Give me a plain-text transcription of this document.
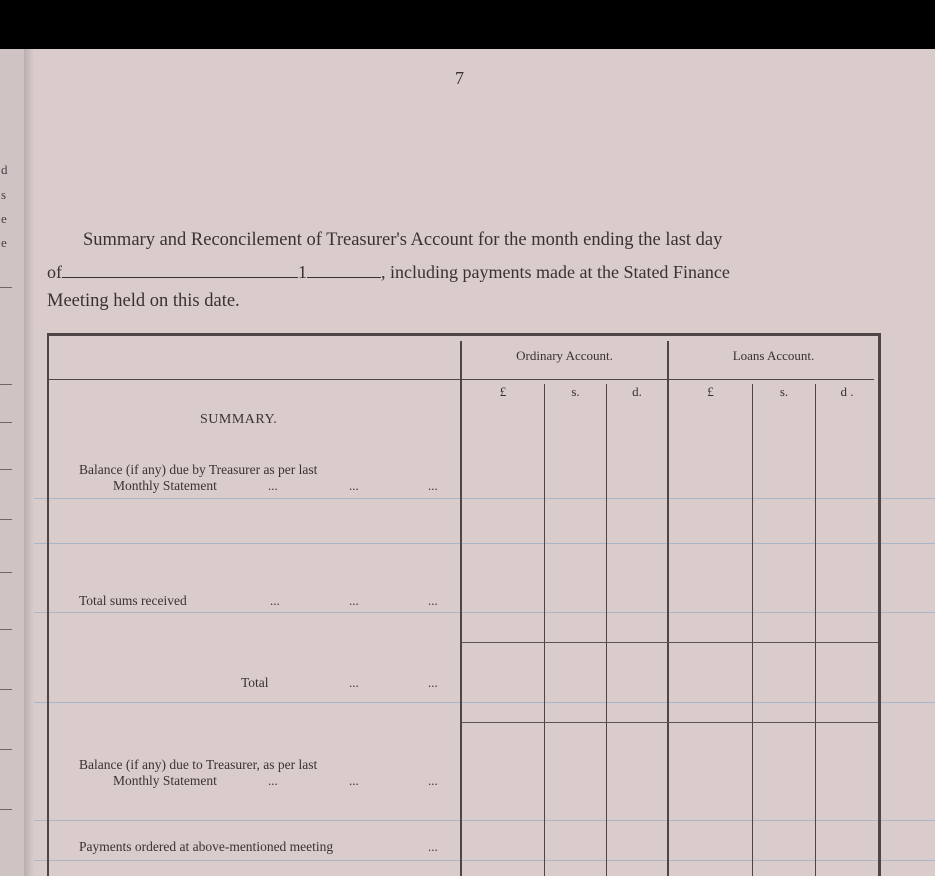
d
s
e
e
7
Summary and Reconcilement of Treasurer's Account for the month ending the last day
of	1	, including payments made at the Stated Finance
Meeting held on this date.
Ordinary Account.	Loans Account.
£	s.	d.	£	s.	d .
SUMMARY.
Balance (if any) due by Treasurer as per last
Monthly Statement	...	...	...
Total sums received	...	...	...
Total	...	...
Balance (if any) due to Treasurer, as per last
Monthly Statement	...	...	...
Payments ordered at above-mentioned meeting	...
